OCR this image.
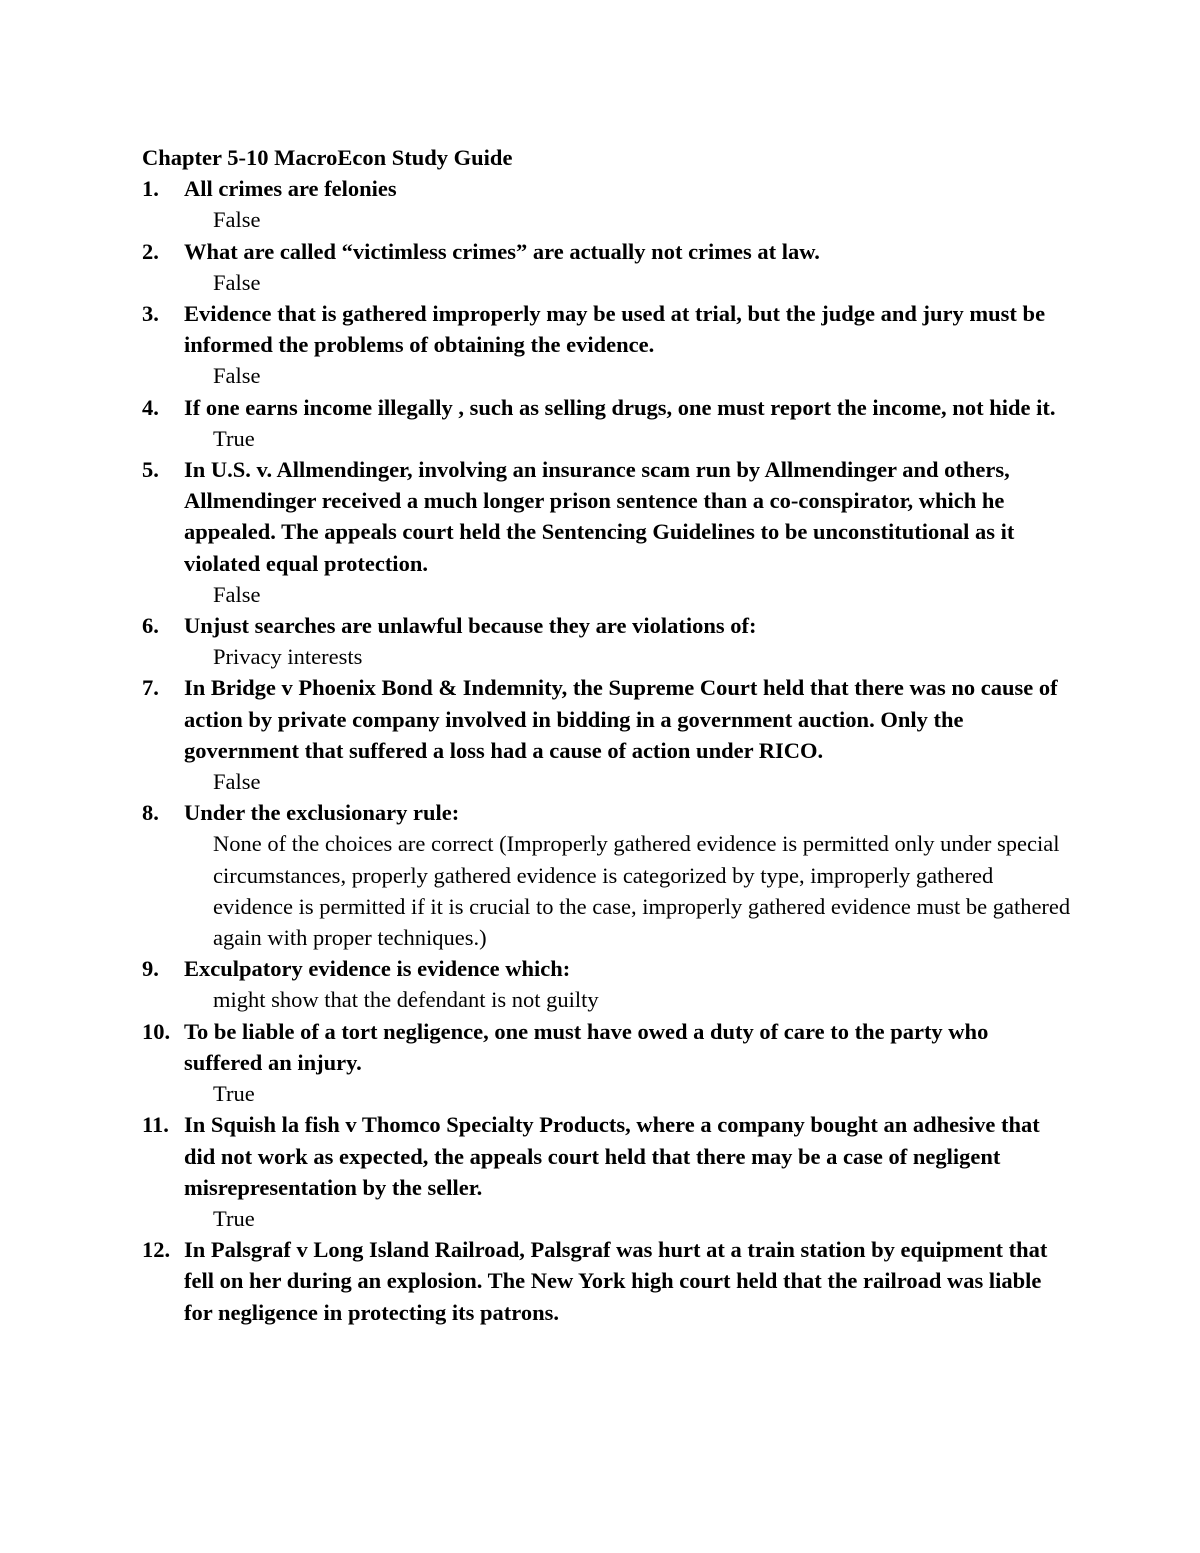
Chapter 5-10 MacroEcon Study Guide
1.	All crimes are felonies
False
2.	What are called “victimless crimes” are actually not crimes at law.
False
3.	Evidence that is gathered improperly may be used at trial, but the judge and jury must be informed the problems of obtaining the evidence.
False
4.	If one earns income illegally , such as selling drugs, one must report the income, not hide it.
True
5.	In U.S. v. Allmendinger, involving an insurance scam run by Allmendinger and others, Allmendinger received a much longer prison sentence than a co-conspirator, which he appealed. The appeals court held the Sentencing Guidelines to be unconstitutional as it violated equal protection.
False
6.	Unjust searches are unlawful because they are violations of:
Privacy interests
7.	In Bridge v Phoenix Bond & Indemnity, the Supreme Court held that there was no cause of action by private company involved in bidding in a government auction. Only the government that suffered a loss had a cause of action under RICO.
False
8.	Under the exclusionary rule:
None of the choices are correct (Improperly gathered evidence is permitted only under special circumstances, properly gathered evidence is categorized by type, improperly gathered evidence is permitted if it is crucial to the case, improperly gathered evidence must be gathered again with proper techniques.)
9.	Exculpatory evidence is evidence which:
might show that the defendant is not guilty
10. To be liable of a tort negligence, one must have owed a duty of care to the party who suffered an injury.
True
11. In Squish la fish v Thomco Specialty Products, where a company bought an adhesive that did not work as expected, the appeals court held that there may be a case of negligent misrepresentation by the seller.
True
12. In Palsgraf v Long Island Railroad, Palsgraf was hurt at a train station by equipment that fell on her during an explosion. The New York high court held that the railroad was liable for negligence in protecting its patrons.
